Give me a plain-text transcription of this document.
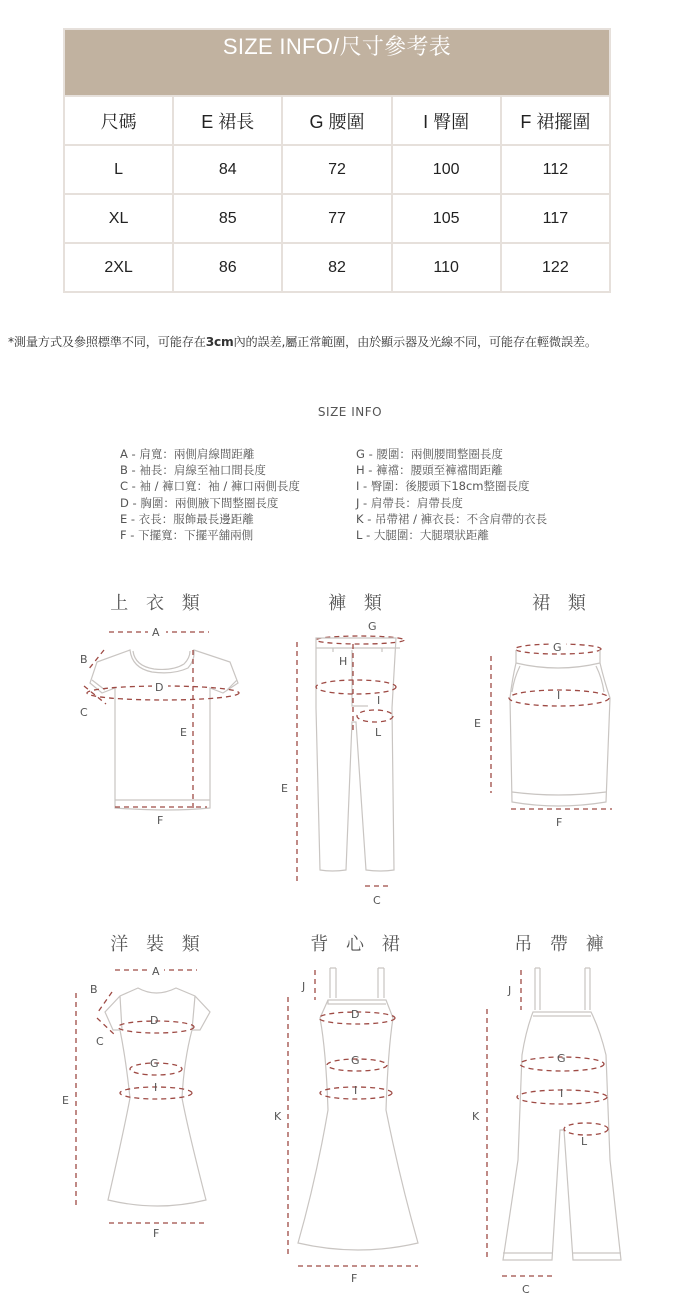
SIZE INFO/尺寸參考表
尺碼	E 裙長	G 腰圍	I 臀圍	F 裙擺圍
L	84	72	100	112
XL	85	77	105	117
2XL	86	82	110	122
*測量方式及參照標準不同，可能存在3cm內的誤差,屬正常範圍，由於顯示器及光線不同，可能存在輕微誤差。
SIZE INFO
A - 肩寬：兩側肩線間距離
B - 袖長：肩線至袖口間長度
C - 袖 / 褲口寬：袖 / 褲口兩側長度
D - 胸圍：兩側腋下間整圈長度
E - 衣長：服飾最長邊距離
F - 下擺寬：下擺平舖兩側
G - 腰圍：兩側腰間整圈長度
H - 褲襠：腰頭至褲襠間距離
I - 臀圍：後腰頭下18cm整圈長度
J - 肩帶長：肩帶長度
K - 吊帶裙 / 褲衣長：不含肩帶的衣長
L - 大腿圍：大腿環狀距離
上 衣 類	褲 類	裙 類
A
B
C
D
E
F
G
H
I
L
E
C
G
I
E
F
洋 裝 類	背 心 裙	吊 帶 褲
A
B
C
D
G
I
E
F
J
D
G
I
K
F
J
G
I
L
K
C
